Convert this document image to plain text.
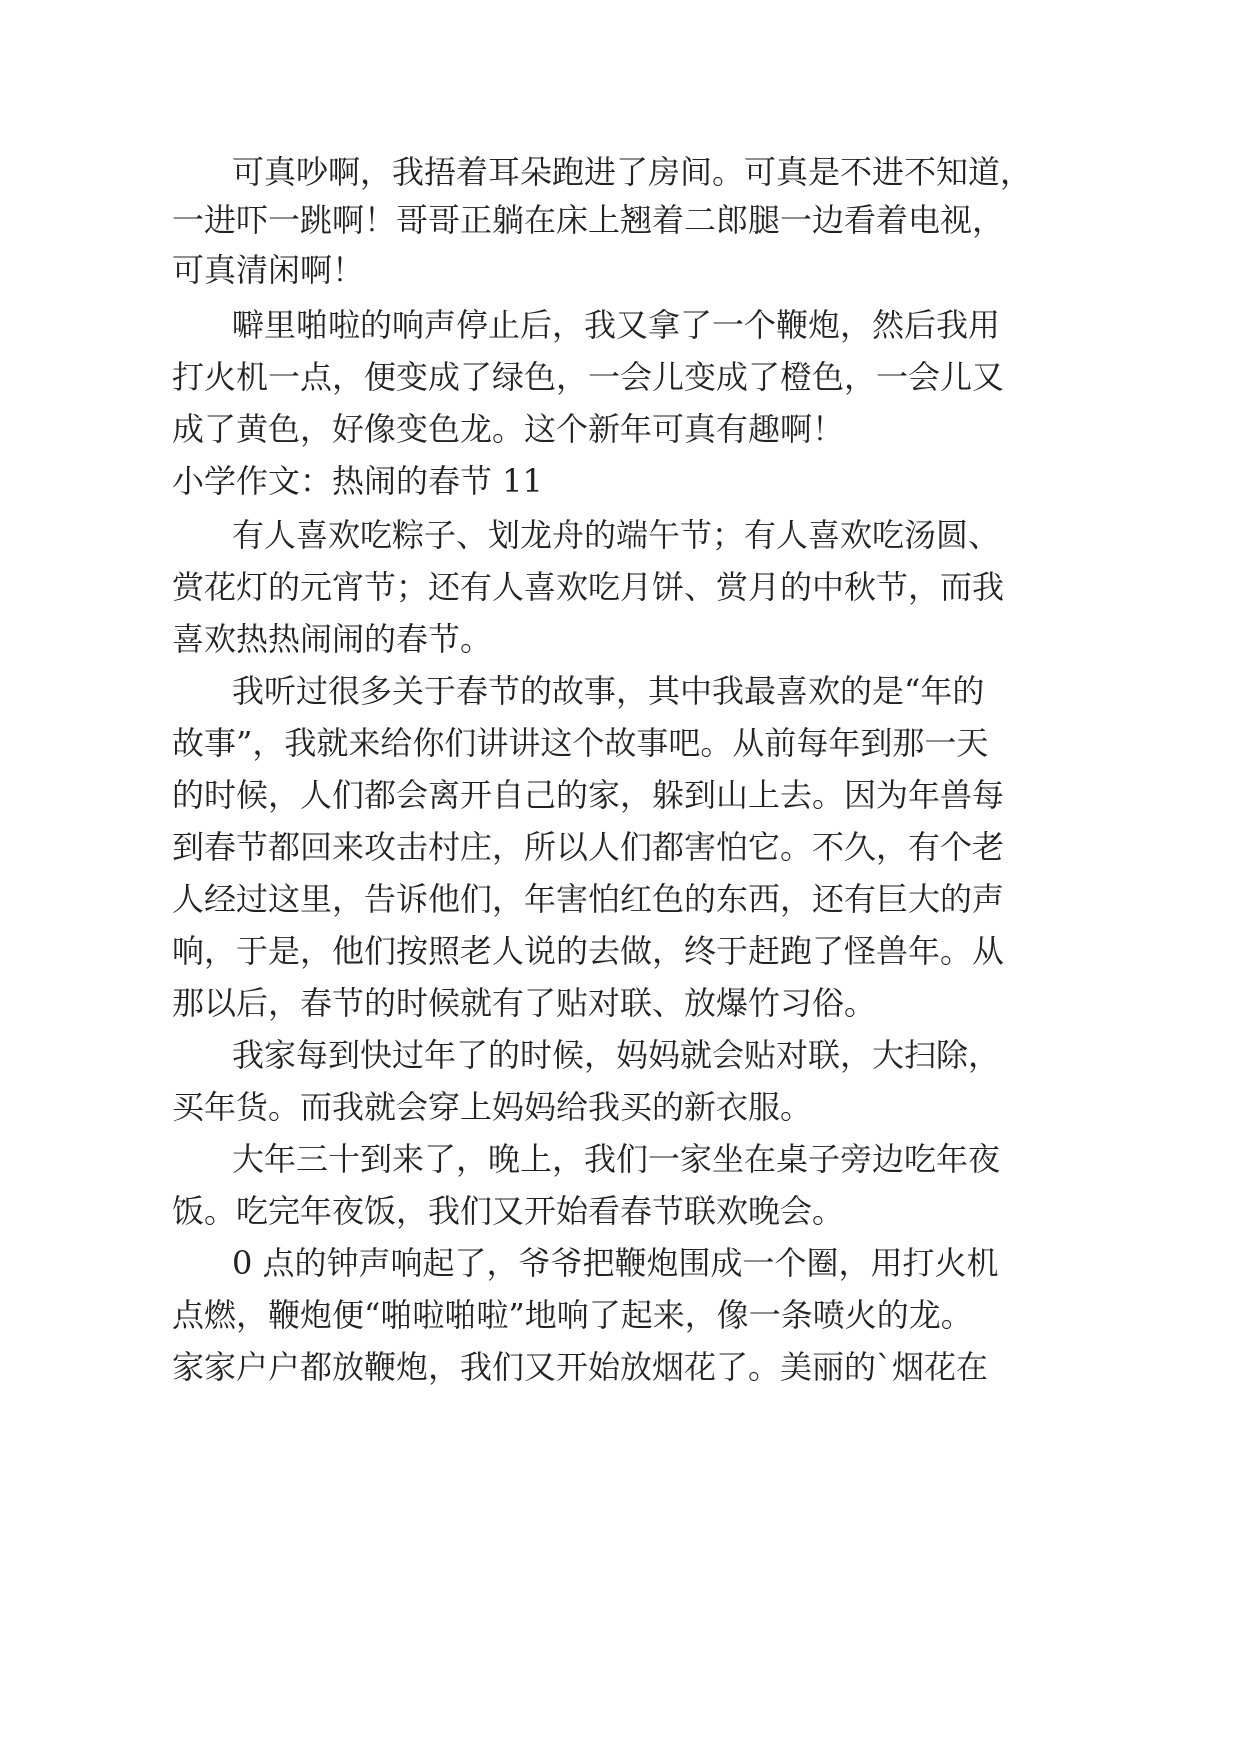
可真吵啊，我捂着耳朵跑进了房间。可真是不进不知道，
一进吓一跳啊！哥哥正躺在床上翘着二郎腿一边看着电视，
可真清闲啊！
噼里啪啦的响声停止后，我又拿了一个鞭炮，然后我用
打火机一点，便变成了绿色，一会儿变成了橙色，一会儿又
成了黄色，好像变色龙。这个新年可真有趣啊！
小学作文：热闹的春节 11
有人喜欢吃粽子、划龙舟的端午节；有人喜欢吃汤圆、
赏花灯的元宵节；还有人喜欢吃月饼、赏月的中秋节，而我
喜欢热热闹闹的春节。
我听过很多关于春节的故事，其中我最喜欢的是“年的
故事”，我就来给你们讲讲这个故事吧。从前每年到那一天
的时候，人们都会离开自己的家，躲到山上去。因为年兽每
到春节都回来攻击村庄，所以人们都害怕它。不久，有个老
人经过这里，告诉他们，年害怕红色的东西，还有巨大的声
响，于是，他们按照老人说的去做，终于赶跑了怪兽年。从
那以后，春节的时候就有了贴对联、放爆竹习俗。
我家每到快过年了的时候，妈妈就会贴对联，大扫除，
买年货。而我就会穿上妈妈给我买的新衣服。
大年三十到来了，晚上，我们一家坐在桌子旁边吃年夜
饭。吃完年夜饭，我们又开始看春节联欢晚会。
0 点的钟声响起了，爷爷把鞭炮围成一个圈，用打火机
点燃，鞭炮便“啪啦啪啦”地响了起来，像一条喷火的龙。
家家户户都放鞭炮，我们又开始放烟花了。美丽的`烟花在
